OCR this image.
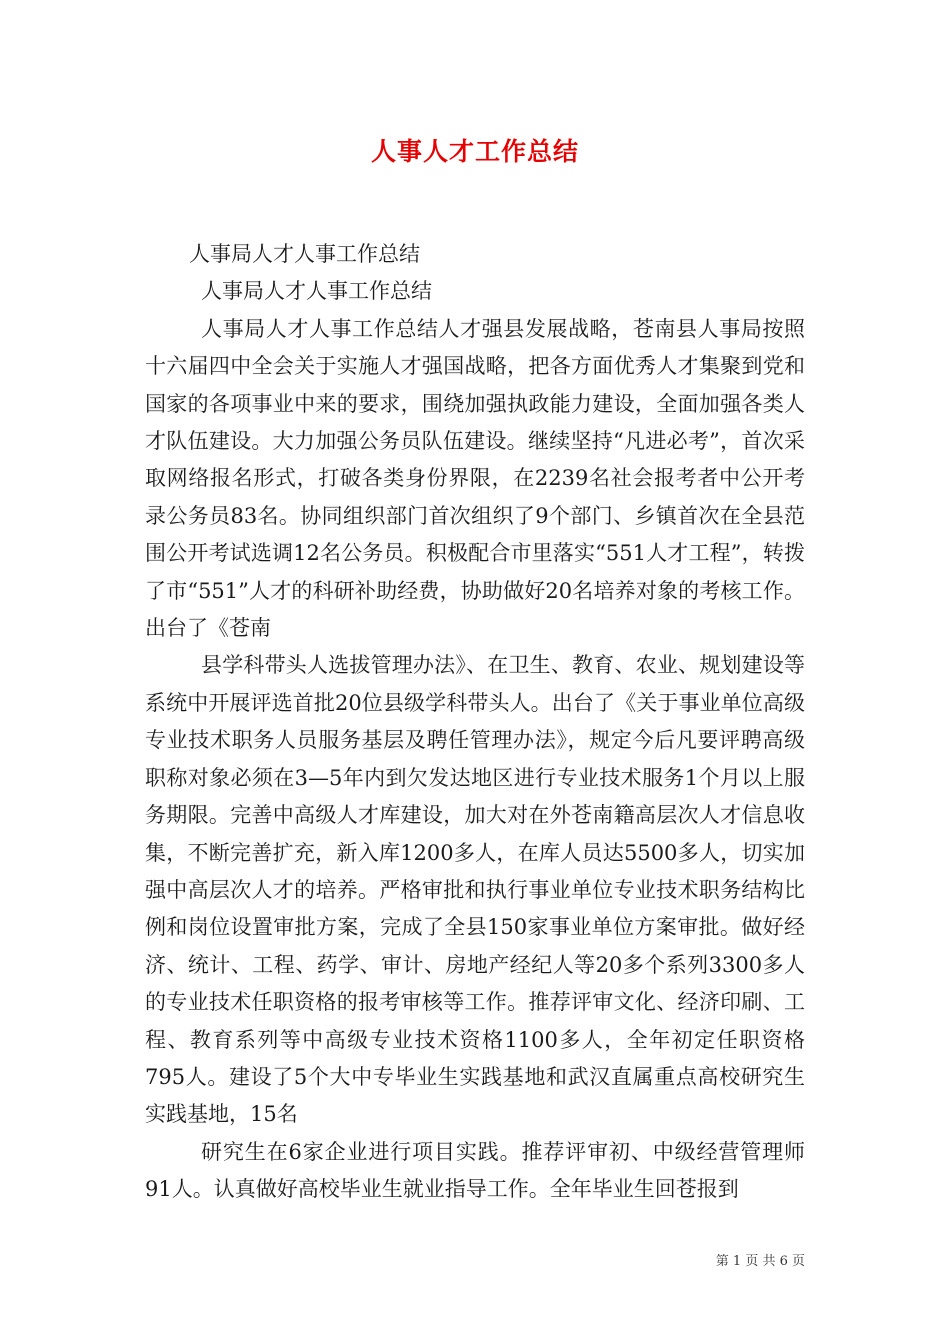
人事人才工作总结

人事局人才人事工作总结

人事局人才人事工作总结

人事局人才人事工作总结人才强县发展战略，苍南县人事局按照十六届四中全会关于实施人才强国战略，把各方面优秀人才集聚到党和国家的各项事业中来的要求，围绕加强执政能力建设，全面加强各类人才队伍建设。大力加强公务员队伍建设。继续坚持“凡进必考”，首次采取网络报名形式，打破各类身份界限，在2239名社会报考者中公开考录公务员83名。协同组织部门首次组织了9个部门、乡镇首次在全县范围公开考试选调12名公务员。积极配合市里落实“551人才工程”，转拨了市“551”人才的科研补助经费，协助做好20名培养对象的考核工作。出台了《苍南

县学科带头人选拔管理办法》、在卫生、教育、农业、规划建设等系统中开展评选首批20位县级学科带头人。出台了《关于事业单位高级专业技术职务人员服务基层及聘任管理办法》，规定今后凡要评聘高级职称对象必须在3—5年内到欠发达地区进行专业技术服务1个月以上服务期限。完善中高级人才库建设，加大对在外苍南籍高层次人才信息收集，不断完善扩充，新入库1200多人，在库人员达5500多人，切实加强中高层次人才的培养。严格审批和执行事业单位专业技术职务结构比例和岗位设置审批方案，完成了全县150家事业单位方案审批。做好经济、统计、工程、药学、审计、房地产经纪人等20多个系列3300多人的专业技术任职资格的报考审核等工作。推荐评审文化、经济印刷、工程、教育系列等中高级专业技术资格1100多人，全年初定任职资格795人。建设了5个大中专毕业生实践基地和武汉直属重点高校研究生实践基地，15名

研究生在6家企业进行项目实践。推荐评审初、中级经营管理师91人。认真做好高校毕业生就业指导工作。全年毕业生回苍报到

第 1 页 共 6 页
